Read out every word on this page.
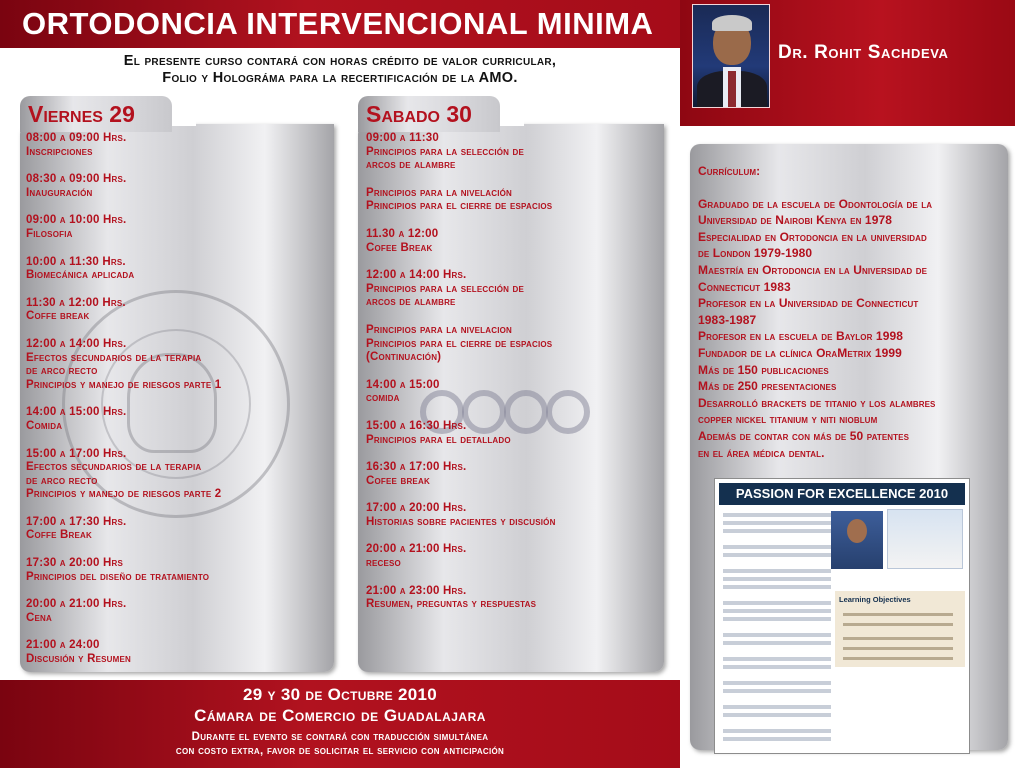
ORTODONCIA INTERVENCIONAL MINIMA
Dr. Rohit Sachdeva
El presente curso contará con horas crédito de valor curricular,
Folio y Holográma para la recertificación de la AMO.
Viernes 29	Sabado 30
08:00 a 09:00 Hrs.
Inscripciones
08:30 a 09:00 Hrs.
Inauguración
09:00 a 10:00 Hrs.
Filosofia
10:00 a 11:30 Hrs.
Biomecánica aplicada
11:30 a 12:00 Hrs.
Coffe break
12:00 a 14:00 Hrs.
Efectos secundarios de la terapia
de arco recto
Principios y manejo de riesgos parte 1
14:00 a 15:00 Hrs.
Comida
15:00 a 17:00 Hrs.
Efectos secundarios de la terapia
de arco recto
Principios y manejo de riesgos parte 2
17:00 a 17:30 Hrs.
Coffe Break
17:30 a 20:00 Hrs
Principios del diseño de tratamiento
20:00 a 21:00 Hrs.
Cena
21:00 a 24:00
Discusión y Resumen
09:00 a 11:30
Principios para la selección de
arcos de alambre
Principios para la nivelación
Principios para el cierre de espacios
11.30 a 12:00
Cofee Break
12:00 a 14:00 Hrs.
Principios para la selección de
arcos de alambre
Principios para la nivelacion
Principios para el cierre de espacios
(Continuación)
14:00 a 15:00
comida
15:00 a 16:30 Hrs.
Principios para el detallado
16:30 a 17:00 Hrs.
Cofee break
17:00 a 20:00 Hrs.
Historias sobre pacientes y discusión
20:00 a 21:00 Hrs.
receso
21:00 a 23:00 Hrs.
Resumen, preguntas y respuestas
Currículum:
Graduado de la escuela de Odontología de la
Universidad de Nairobi Kenya en 1978
Especialidad en Ortodoncia en la universidad
de London 1979-1980
Maestría en Ortodoncia en la Universidad de
Connecticut 1983
Profesor en la Universidad de Connecticut
1983-1987
Profesor en la escuela de Baylor 1998
Fundador de la clínica OraMetrix 1999
Más de 150 publicaciones
Más de 250 presentaciones
Desarrolló brackets de titanio y los alambres
copper nickel titanium y niti nioblum
Además de contar con más de 50 patentes
en el área médica dental.
PASSION FOR EXCELLENCE 2010
Learning Objectives
29 y 30 de Octubre 2010
Cámara de Comercio de Guadalajara
Durante el evento se contará con traducción simultánea
con costo extra, favor de solicitar el servicio con anticipación
